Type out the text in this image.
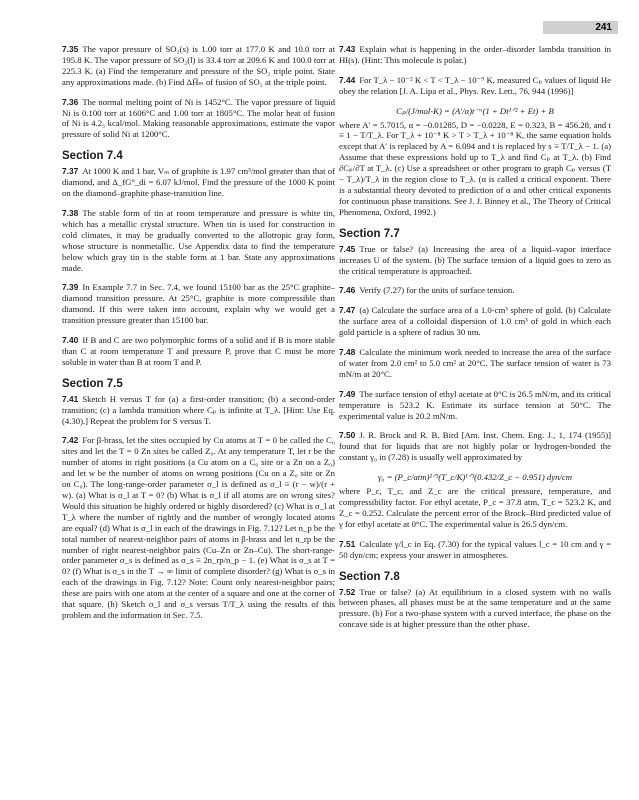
241

7.35 The vapor pressure of SO₂(s) is 1.00 torr at 177.0 K and 10.0 torr at 195.8 K. The vapor pressure of SO₂(l) is 33.4 torr at 209.6 K and 100.0 torr at 225.3 K. (a) Find the temperature and pressure of the SO₂ triple point. State any approximations made. (b) Find ΔH̄ₘ of fusion of SO₂ at the triple point.

7.36 The normal melting point of Ni is 1452°C. The vapor pressure of liquid Ni is 0.100 torr at 1606°C and 1.00 torr at 1805°C. The molar heat of fusion of Ni is 4.2₅ kcal/mol. Making reasonable approximations, estimate the vapor pressure of solid Ni at 1200°C.

Section 7.4

7.37 At 1000 K and 1 bar, Vₘ of graphite is 1.97 cm³/mol greater than that of diamond, and Δ_fG°_di = 6.07 kJ/mol. Find the pressure of the 1000 K point on the diamond–graphite phase-transition line.

7.38 The stable form of tin at room temperature and pressure is white tin, which has a metallic crystal structure. When tin is used for construction in cold climates, it may be gradually converted to the allotropic gray form, whose structure is nonmetallic. Use Appendix data to find the temperature below which gray tin is the stable form at 1 bar. State any approximations made.

7.39 In Example 7.7 in Sec. 7.4, we found 15100 bar as the 25°C graphite–diamond transition pressure. At 25°C, graphite is more compressible than diamond. If this were taken into account, explain why we would get a transition pressure greater than 15100 bar.

7.40 If B and C are two polymorphic forms of a solid and if B is more stable than C at room temperature T and pressure P, prove that C must be more soluble in water than B at room T and P.

Section 7.5

7.41 Sketch H versus T for (a) a first-order transition; (b) a second-order transition; (c) a lambda transition where Cₚ is infinite at T_λ. [Hint: Use Eq. (4.30).] Repeat the problem for S versus T.

7.42 For β-brass, let the sites occupied by Cu atoms at T = 0 be called the C₀ sites and let the T = 0 Zn sites be called Z₀. At any temperature T, let r be the number of atoms in right positions (a Cu atom on a C₀ site or a Zn on a Z₀) and let w be the number of atoms on wrong positions (Cu on a Z₀ site or Zn on C₀). The long-range-order parameter σ_l is defined as σ_l ≡ (r − w)/(r + w). (a) What is σ_l at T = 0? (b) What is σ_l if all atoms are on wrong sites? Would this situation be highly ordered or highly disordered? (c) What is σ_l at T_λ where the number of rightly and the number of wrongly located atoms are equal? (d) What is σ_l in each of the drawings in Fig. 7.12? Let n_p be the total number of nearest-neighbor pairs of atoms in β-brass and let n_rp be the number of right nearest-neighbor pairs (Cu–Zn or Zn–Cu). The short-range-order parameter σ_s is defined as σ_s ≡ 2n_rp/n_p − 1. (e) What is σ_s at T = 0? (f) What is σ_s in the T → ∞ limit of complete disorder? (g) What is σ_s in each of the drawings in Fig. 7.12? Note: Count only nearest-neighbor pairs; these are pairs with one atom at the center of a square and one at the corner of that square. (h) Sketch σ_l and σ_s versus T/T_λ using the results of this problem and the information in Sec. 7.5.

7.43 Explain what is happening in the order–disorder lambda transition in HI(s). (Hint: This molecule is polar.)

7.44 For T_λ − 10⁻² K < T < T_λ − 10⁻⁹ K, measured Cₚ values of liquid He obey the relation [J. A. Lipa et al., Phys. Rev. Lett., 76, 944 (1996)]

Cₚ/(J/mol-K) = (A′/α)t⁻ᵅ(1 + Dt¹ᐟ² + Et) + B

where A′ = 5.7015, α = −0.01285, D = −0.0228, E = 0.323, B = 456.28, and t ≡ 1 − T/T_λ. For T_λ + 10⁻⁸ K > T > T_λ + 10⁻⁸ K, the same equation holds except that A′ is replaced by A = 6.094 and t is replaced by s ≡ T/T_λ − 1. (a) Assume that these expressions hold up to T_λ and find Cₚ at T_λ. (b) Find ∂Cₚ/∂T at T_λ. (c) Use a spreadsheet or other program to graph Cₚ versus (T − T_λ)/T_λ in the region close to T_λ. (α is called a critical exponent. There is a substantial theory devoted to prediction of α and other critical exponents for continuous phase transitions. See J. J. Binney et al., The Theory of Critical Phenomena, Oxford, 1992.)

Section 7.7

7.45 True or false? (a) Increasing the area of a liquid–vapor interface increases U of the system. (b) The surface tension of a liquid goes to zero as the critical temperature is approached.

7.46 Verify (7.27) for the units of surface tension.

7.47 (a) Calculate the surface area of a 1.0-cm³ sphere of gold. (b) Calculate the surface area of a colloidal dispersion of 1.0 cm³ of gold in which each gold particle is a sphere of radius 30 nm.

7.48 Calculate the minimum work needed to increase the area of the surface of water from 2.0 cm² to 5.0 cm² at 20°C. The surface tension of water is 73 mN/m at 20°C.

7.49 The surface tension of ethyl acetate at 0°C is 26.5 mN/m, and its critical temperature is 523.2 K. Estimate its surface tension at 50°C. The experimental value is 20.2 mN/m.

7.50 J. R. Brock and R. B. Bird [Am. Inst. Chem. Eng. J., 1, 174 (1955)] found that for liquids that are not highly polar or hydrogen-bonded the constant γ₀ in (7.28) is usually well approximated by

γ₀ = (P_c/atm)²ᐟ³(T_c/K)¹ᐟ³(0.432/Z_c − 0.951) dyn/cm

where P_c, T_c, and Z_c are the critical pressure, temperature, and compressibility factor. For ethyl acetate, P_c = 37.8 atm, T_c = 523.2 K, and Z_c = 0.252. Calculate the percent error of the Brock–Bird predicted value of γ for ethyl acetate at 0°C. The experimental value is 26.5 dyn/cm.

7.51 Calculate γ/l_c in Eq. (7.30) for the typical values l_c = 10 cm and γ = 50 dyn/cm; express your answer in atmospheres.

Section 7.8

7.52 True or false? (a) At equilibrium in a closed system with no walls between phases, all phases must be at the same temperature and at the same pressure. (b) For a two-phase system with a curved interface, the phase on the concave side is at higher pressure than the other phase.
